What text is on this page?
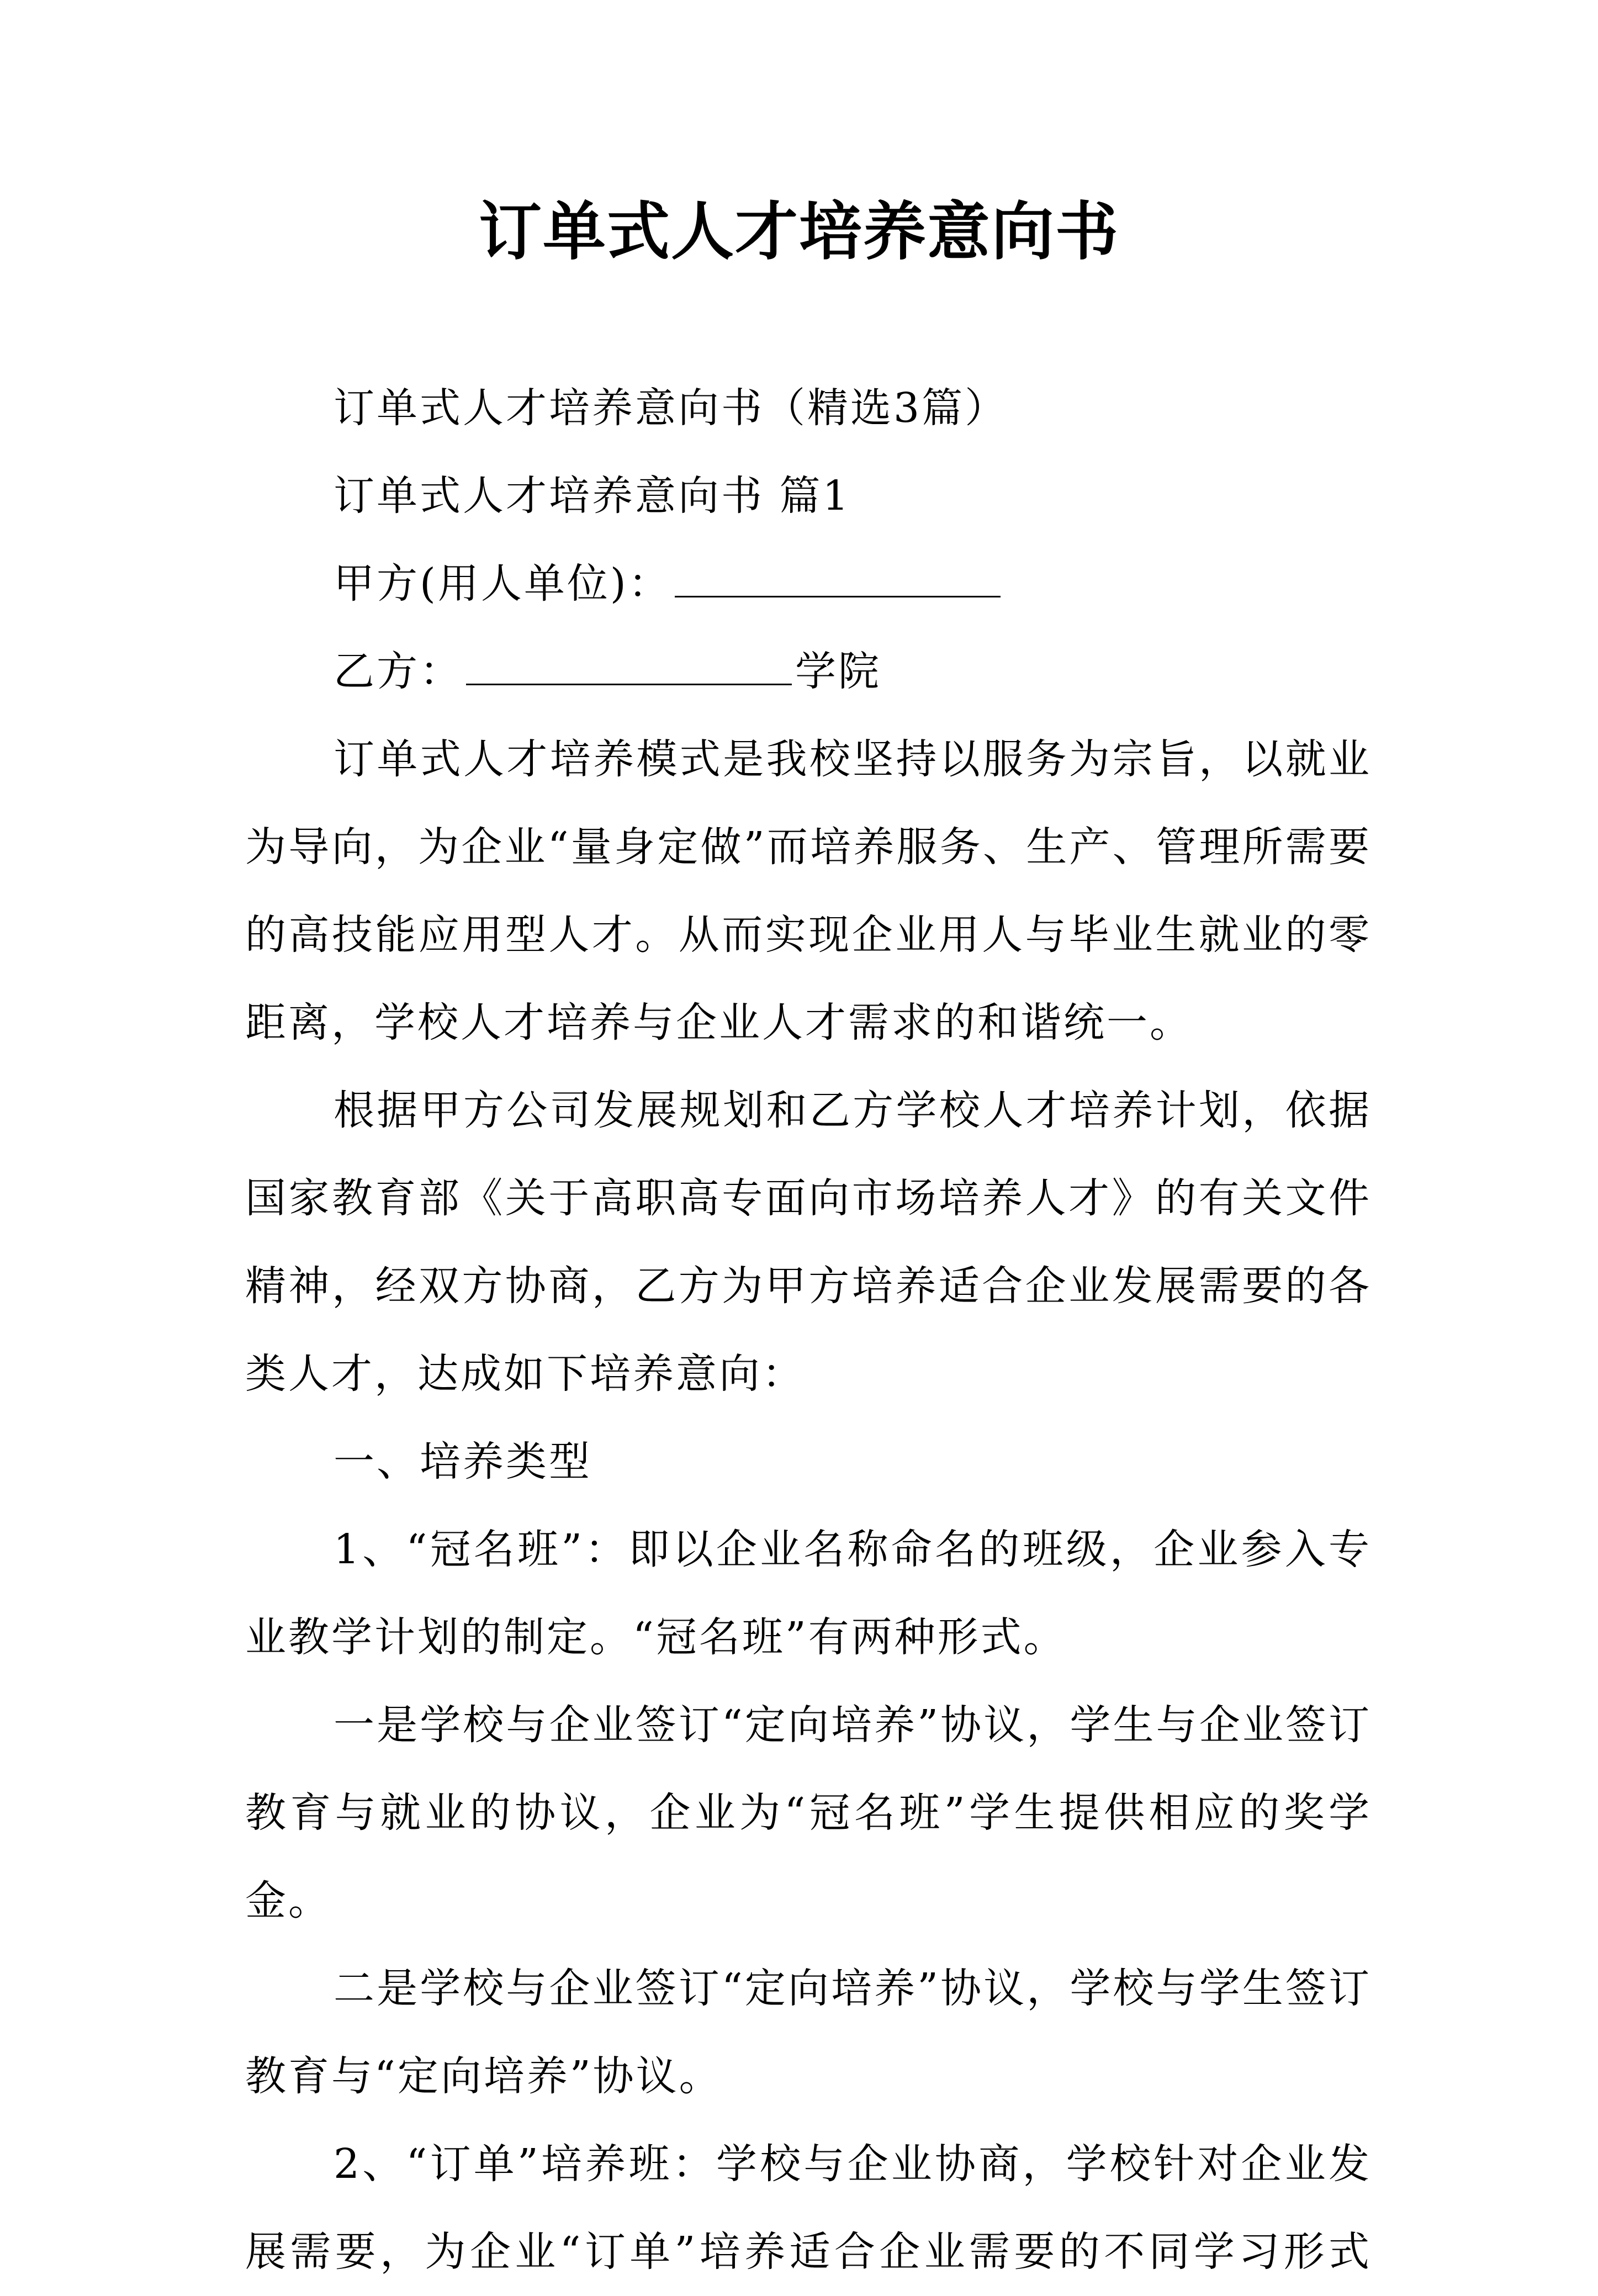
订单式人才培养意向书

订单式人才培养意向书（精选3篇）

订单式人才培养意向书 篇1

甲方(用人单位)：

乙方：	学院

订单式人才培养模式是我校坚持以服务为宗旨，以就业为导向，为企业“量身定做”而培养服务、生产、管理所需要的高技能应用型人才。从而实现企业用人与毕业生就业的零距离，学校人才培养与企业人才需求的和谐统一。

根据甲方公司发展规划和乙方学校人才培养计划，依据国家教育部《关于高职高专面向市场培养人才》的有关文件精神，经双方协商，乙方为甲方培养适合企业发展需要的各类人才，达成如下培养意向：

一、培养类型

1、“冠名班”：即以企业名称命名的班级，企业参入专业教学计划的制定。“冠名班”有两种形式。

一是学校与企业签订“定向培养”协议，学生与企业签订教育与就业的协议，企业为“冠名班”学生提供相应的奖学金。

二是学校与企业签订“定向培养”协议，学校与学生签订教育与“定向培养”协议。

2、“订单”培养班：学校与企业协商，学校针对企业发展需要，为企业“订单”培养适合企业需要的不同学习形式
